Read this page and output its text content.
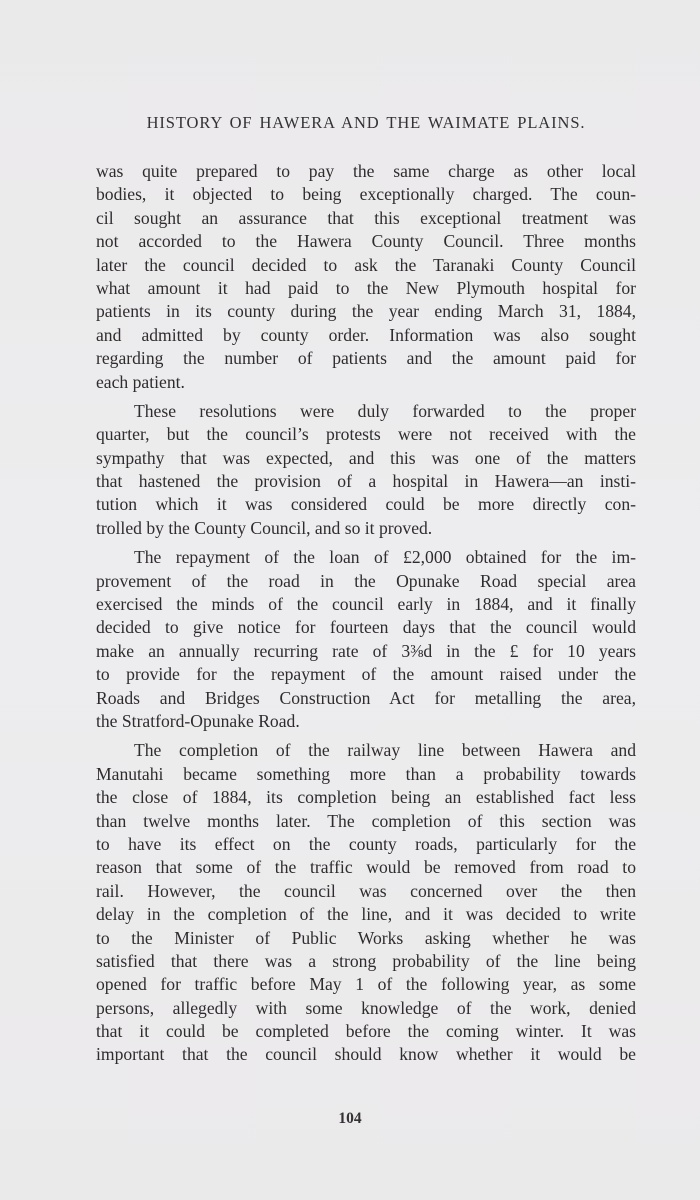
HISTORY OF HAWERA AND THE WAIMATE PLAINS.
was quite prepared to pay the same charge as other local
bodies, it objected to being exceptionally charged. The coun-
cil sought an assurance that this exceptional treatment was
not accorded to the Hawera County Council. Three months
later the council decided to ask the Taranaki County Council
what amount it had paid to the New Plymouth hospital for
patients in its county during the year ending March 31, 1884,
and admitted by county order. Information was also sought
regarding the number of patients and the amount paid for
each patient.
These resolutions were duly forwarded to the proper
quarter, but the council’s protests were not received with the
sympathy that was expected, and this was one of the matters
that hastened the provision of a hospital in Hawera—an insti-
tution which it was considered could be more directly con-
trolled by the County Council, and so it proved.
The repayment of the loan of £2,000 obtained for the im-
provement of the road in the Opunake Road special area
exercised the minds of the council early in 1884, and it finally
decided to give notice for fourteen days that the council would
make an annually recurring rate of 3⅜d in the £ for 10 years
to provide for the repayment of the amount raised under the
Roads and Bridges Construction Act for metalling the area,
the Stratford-Opunake Road.
The completion of the railway line between Hawera and
Manutahi became something more than a probability towards
the close of 1884, its completion being an established fact less
than twelve months later. The completion of this section was
to have its effect on the county roads, particularly for the
reason that some of the traffic would be removed from road to
rail. However, the council was concerned over the then
delay in the completion of the line, and it was decided to write
to the Minister of Public Works asking whether he was
satisfied that there was a strong probability of the line being
opened for traffic before May 1 of the following year, as some
persons, allegedly with some knowledge of the work, denied
that it could be completed before the coming winter. It was
important that the council should know whether it would be
104
